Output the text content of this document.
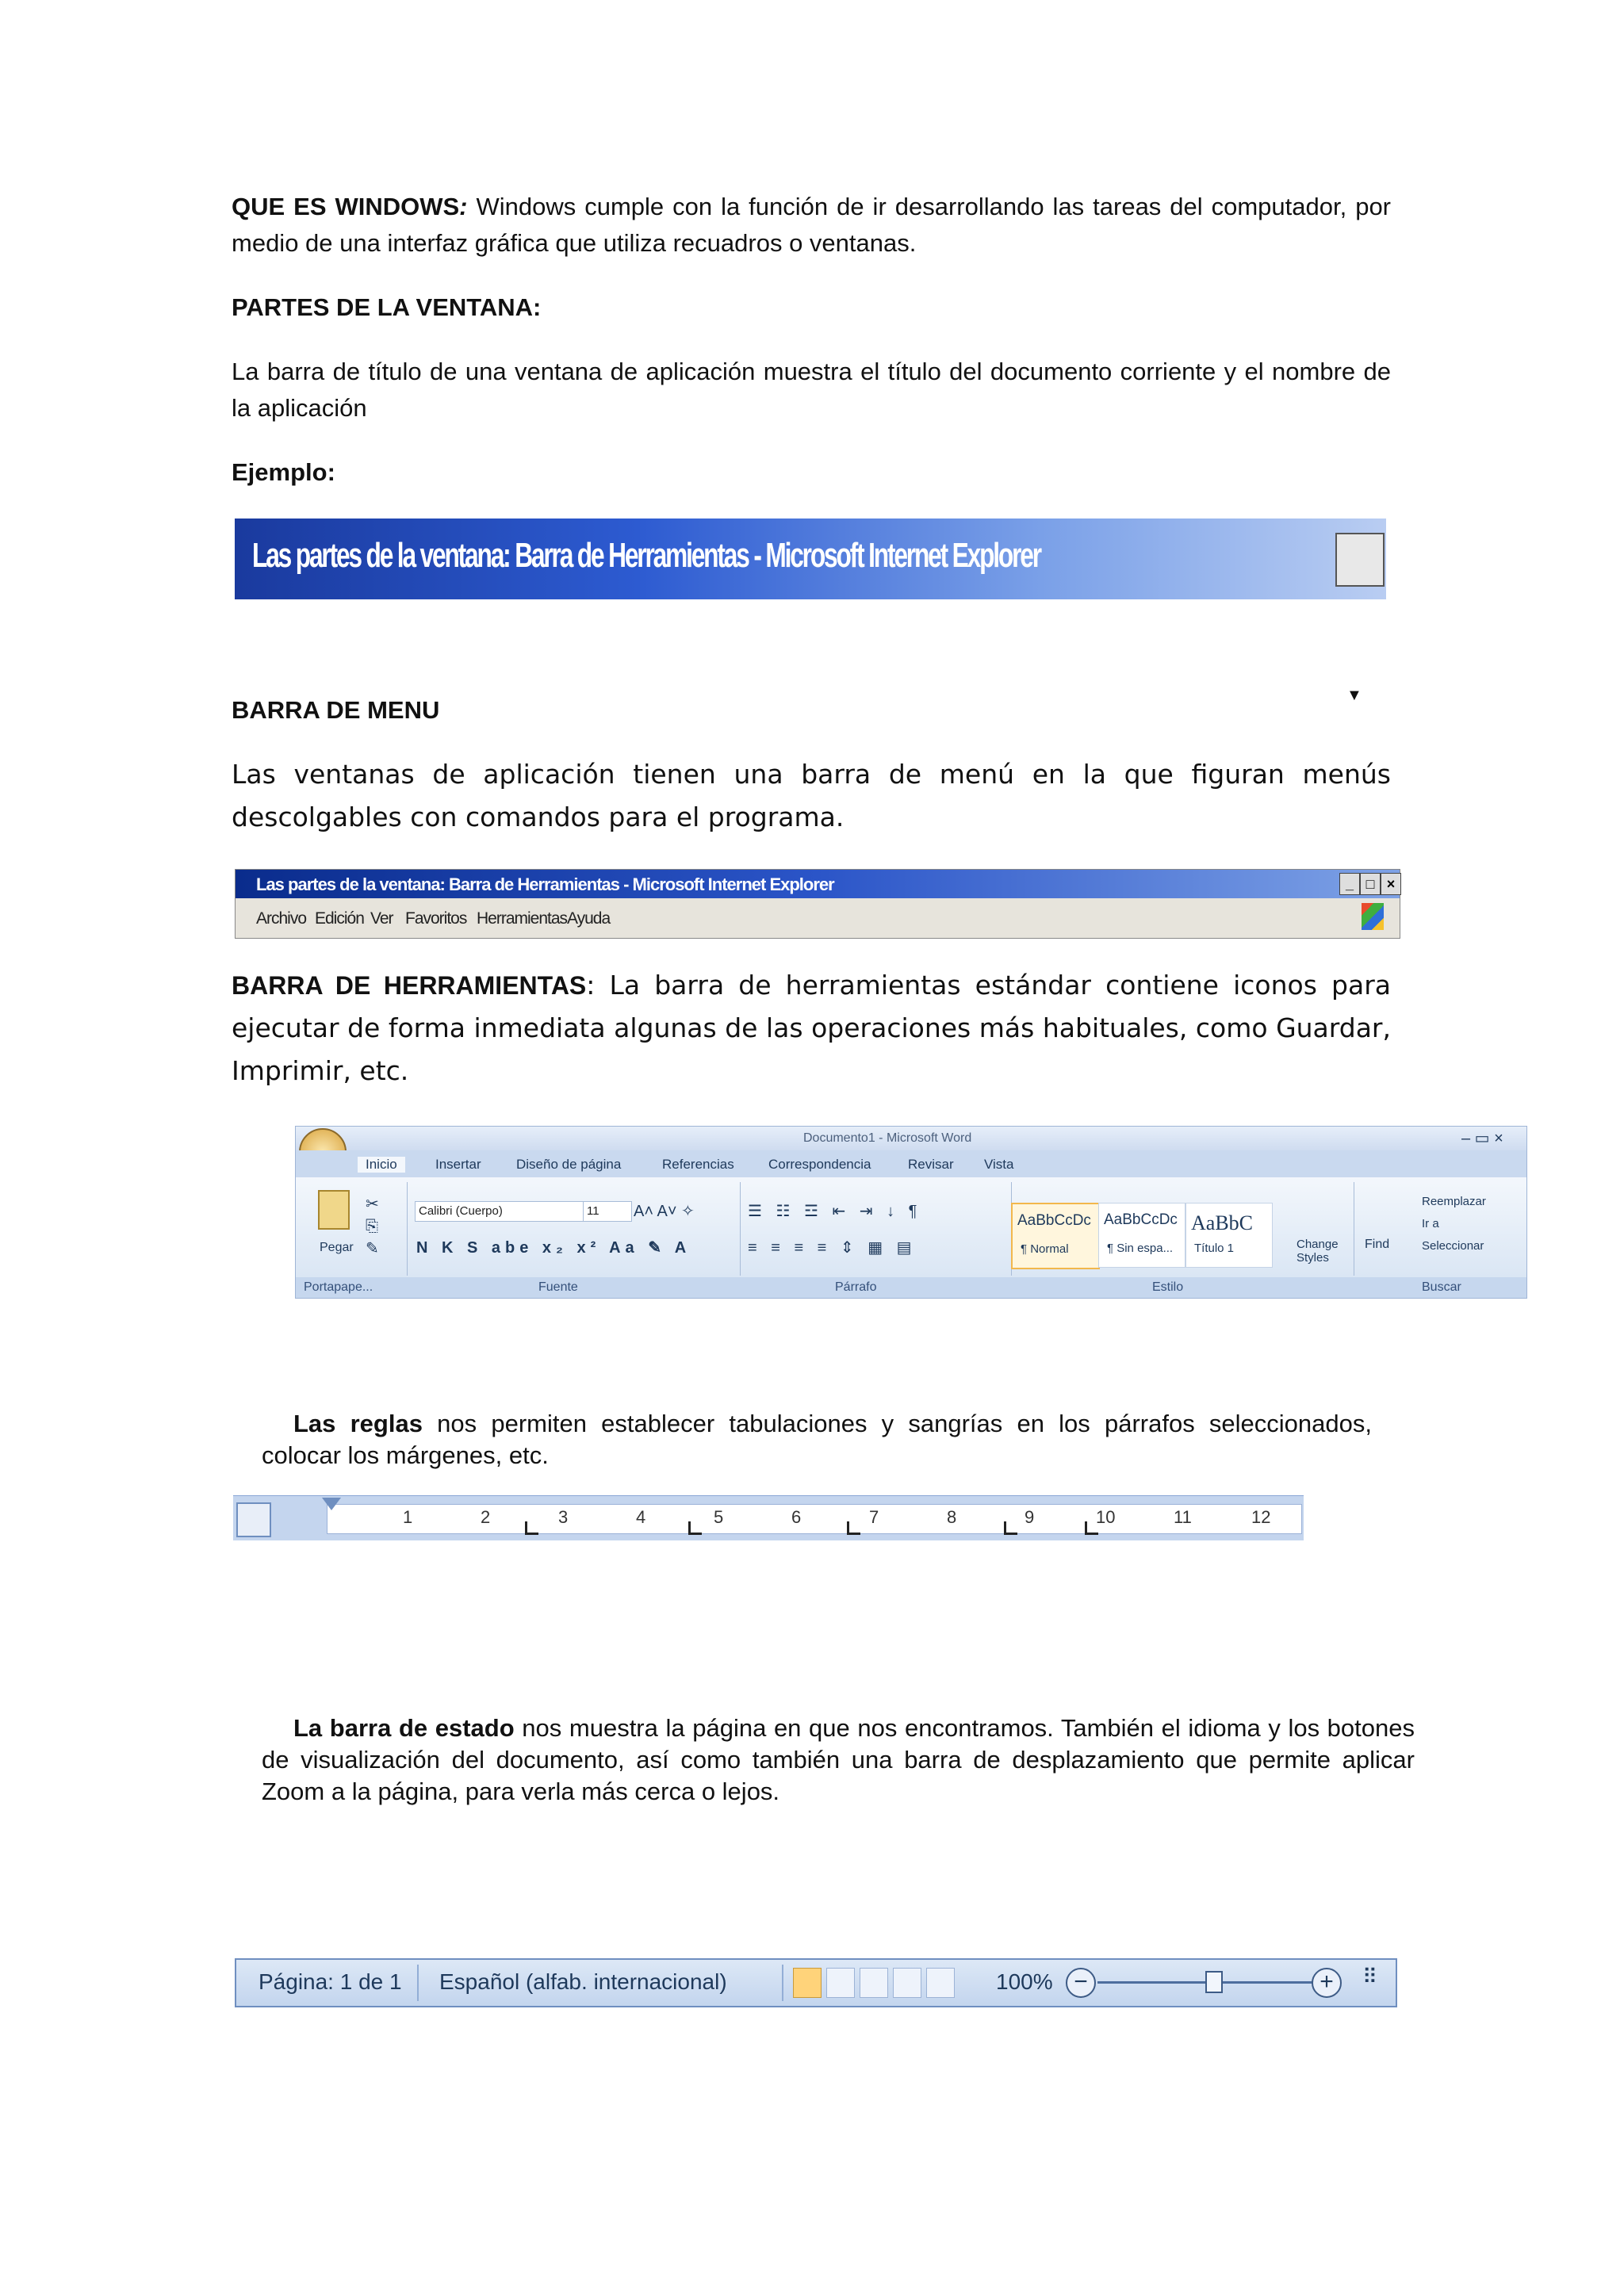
QUE ES WINDOWS: Windows cumple con la función de ir desarrollando las tareas del computador, por medio de una interfaz gráfica que utiliza recuadros o ventanas.
PARTES DE LA VENTANA:
La barra de título de una ventana de aplicación muestra el título del documento corriente y el nombre de la aplicación
Ejemplo:
Las partes de la ventana: Barra de Herramientas - Microsoft Internet Explorer
BARRA DE MENU
▼
Las ventanas de aplicación tienen una barra de menú en la que figuran menús descolgables con comandos para el programa.
Las partes de la ventana: Barra de Herramientas - Microsoft Internet Explorer	_ □ ×
Archivo Edición Ver Favoritos Herramientas Ayuda
BARRA DE HERRAMIENTAS: La barra de herramientas estándar contiene iconos para ejecutar de forma inmediata algunas de las operaciones más habituales, como Guardar, Imprimir, etc.
Documento1 - Microsoft Word	– ▭ ×
Inicio	Insertar	Diseño de página	Referencias	Correspondencia	Revisar Vista
Pegar
✂
⎘
✎
Calibri (Cuerpo)	11	A˄ A˅ ✧
N K S abe x₂ x² Aa ✎ A
☰ ☷ ☲ ⇤ ⇥ ↓ ¶
≡ ≡ ≡ ≡ ⇕ ▦ ▤
AaBbCcDc
¶ Normal
AaBbCcDc
¶ Sin espa...
AaBbC
Título 1	Change Styles
Find
Reemplazar
Ir a
Seleccionar
Portapape...	Fuente	Párrafo	Estilo	Buscar
Las reglas nos permiten establecer tabulaciones y sangrías en los párrafos seleccionados, colocar los márgenes, etc.
1	2	3	4	5	6	7	8	9	10	11	12
La barra de estado nos muestra la página en que nos encontramos. También el idioma y los botones de visualización del documento, así como también una barra de desplazamiento que permite aplicar Zoom a la página, para verla más cerca o lejos.
Página: 1 de 1 Español (alfab. internacional)	100% −	+	⠿
